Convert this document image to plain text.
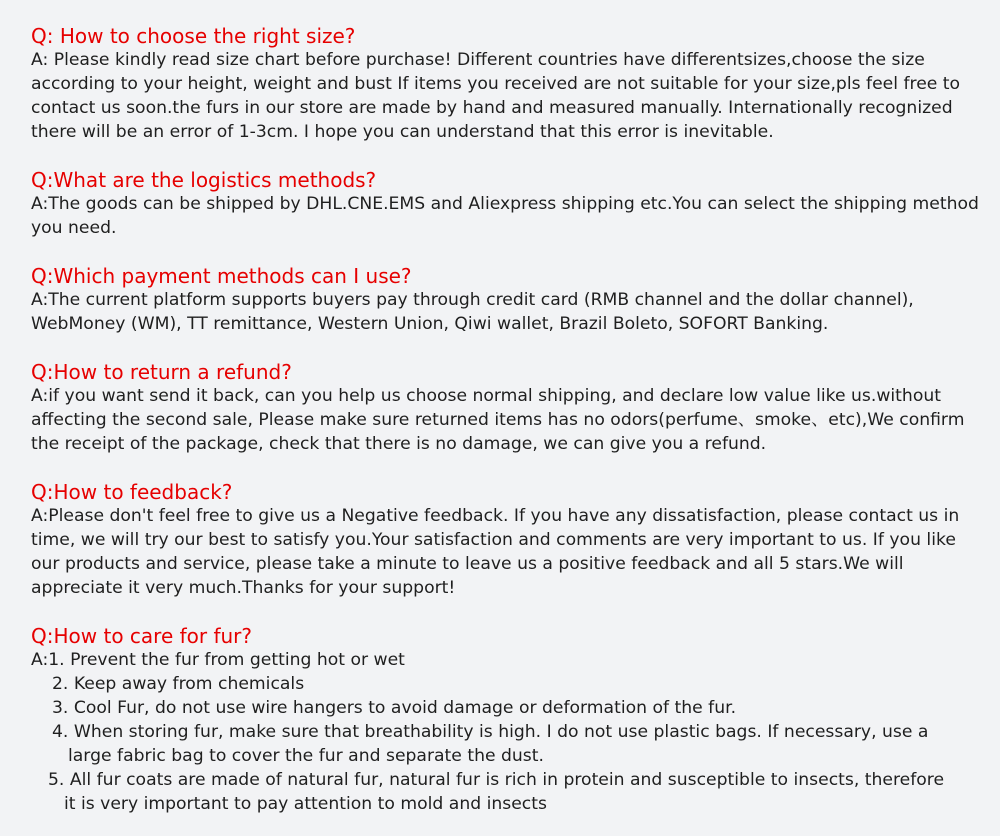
Q: How to choose the right size?

A: Please kindly read size chart before purchase! Different countries have differentsizes,choose the size according to your height, weight and bust If items you received are not suitable for your size,pls feel free to contact us soon.the furs in our store are made by hand and measured manually. Internationally recognized there will be an error of 1-3cm. I hope you can understand that this error is inevitable.

Q:What are the logistics methods?

A:The goods can be shipped by DHL.CNE.EMS and Aliexpress shipping etc.You can select the shipping method you need.

Q:Which payment methods can I use?

A:The current platform supports buyers pay through credit card (RMB channel and the dollar channel), WebMoney (WM), TT remittance, Western Union, Qiwi wallet, Brazil Boleto, SOFORT Banking.

Q:How to return a refund?

A:if you want send it back, can you help us choose normal shipping, and declare low value like us.without affecting the second sale, Please make sure returned items has no odors(perfume、smoke、etc),We confirm the receipt of the package, check that there is no damage, we can give you a refund.

Q:How to feedback?

A:Please don't feel free to give us a Negative feedback. If you have any dissatisfaction, please contact us in time, we will try our best to satisfy you.Your satisfaction and comments are very important to us. If you like our products and service, please take a minute to leave us a positive feedback and all 5 stars.We will appreciate it very much.Thanks for your support!

Q:How to care for fur?
A:1. Prevent the fur from getting hot or wet
2. Keep away from chemicals
3. Cool Fur, do not use wire hangers to avoid damage or deformation of the fur.
4. When storing fur, make sure that breathability is high. I do not use plastic bags. If necessary, use a
large fabric bag to cover the fur and separate the dust.
5. All fur coats are made of natural fur, natural fur is rich in protein and susceptible to insects, therefore
it is very important to pay attention to mold and insects
